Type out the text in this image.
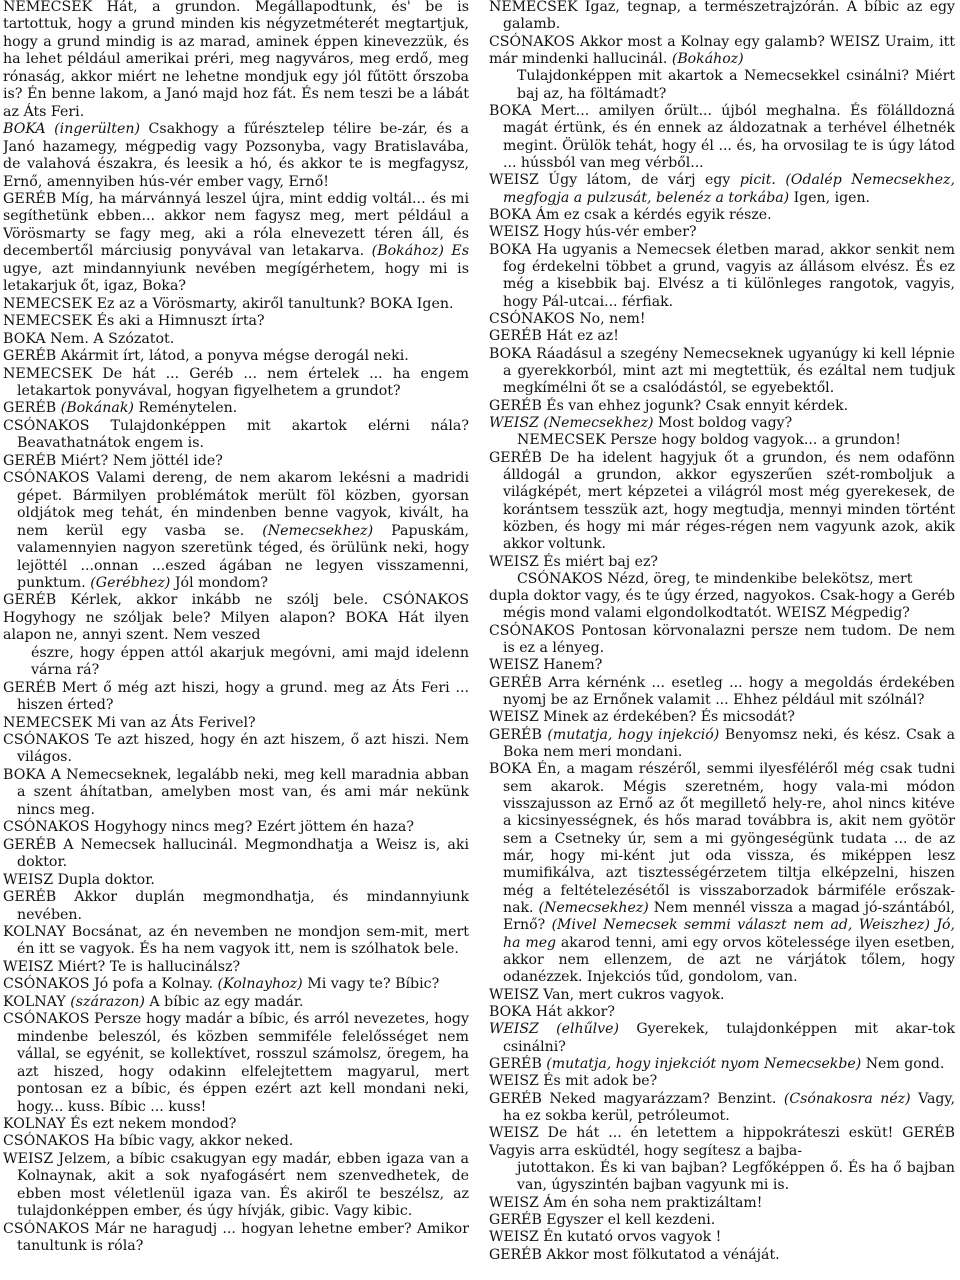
NEMECSEK Hát, a grundon. Megállapodtunk, és' be is tartottuk, hogy a grund minden kis négyzetméterét megtartjuk, hogy a grund mindig is az marad, aminek éppen kinevezzük, és ha lehet például amerikai préri, meg nagyváros, meg erdő, meg rónaság, akkor miért ne lehetne mondjuk egy jól fűtött őrszoba is? Én benne lakom, a Janó majd hoz fát. És nem teszi be a lábát az Áts Feri.

BOKA (ingerülten) Csakhogy a fűrésztelep télire be-zár, és a Janó hazamegy, mégpedig vagy Pozsonyba, vagy Bratislavába, de valahová északra, és leesik a hó, és akkor te is megfagysz, Ernő, amennyiben hús-vér ember vagy, Ernő!

GERÉB Míg, ha márvánnyá leszel újra, mint eddig voltál... és mi segíthetünk ebben... akkor nem fagysz meg, mert például a Vörösmarty se fagy meg, aki a róla elnevezett téren áll, és decembertől márciusig ponyvával van letakarva. (Bokához) Es ugye, azt mindannyiunk nevében megígérhetem, hogy mi is letakarjuk őt, igaz, Boka?

NEMECSEK Ez az a Vörösmarty, akiről tanultunk? BOKA Igen.

NEMECSEK És aki a Himnuszt írta?

BOKA Nem. A Szózatot.

GERÉB Akármit írt, látod, a ponyva mégse derogál neki.

NEMECSEK De hát ... Geréb ... nem értelek ... ha engem letakartok ponyvával, hogyan figyelhetem a grundot?

GERÉB (Bokának) Reménytelen.

CSÓNAKOS Tulajdonképpen mit akartok elérni nála? Beavathatnátok engem is.

GERÉB Miért? Nem jöttél ide?

CSÓNAKOS Valami dereng, de nem akarom lekésni a madridi gépet. Bármilyen problémátok merült föl közben, gyorsan oldjátok meg tehát, én mindenben benne vagyok, kivált, ha nem kerül egy vasba se. (Nemecsekhez) Papuskám, valamennyien nagyon szeretünk téged, és örülünk neki, hogy lejöttél ...onnan ...eszed ágában ne legyen visszamenni, punktum. (Gerébhez) Jól mondom?

GERÉB Kérlek, akkor inkább ne szólj bele. CSÓNAKOS Hogyhogy ne szóljak bele? Milyen alapon? BOKA Hát ilyen alapon ne, annyi szent. Nem veszed

észre, hogy éppen attól akarjuk megóvni, ami majd idelenn várna rá?

GERÉB Mert ő még azt hiszi, hogy a grund. meg az Áts Feri ... hiszen érted?

NEMECSEK Mi van az Áts Ferivel?

CSÓNAKOS Te azt hiszed, hogy én azt hiszem, ő azt hiszi. Nem világos.

BOKA A Nemecseknek, legalább neki, meg kell maradnia abban a szent áhítatban, amelyben most van, és ami már nekünk nincs meg.

CSÓNAKOS Hogyhogy nincs meg? Ezért jöttem én haza?

GERÉB A Nemecsek hallucinál. Megmondhatja a Weisz is, aki doktor.

WEISZ Dupla doktor.

GERÉB Akkor duplán megmondhatja, és mindannyiunk nevében.

KOLNAY Bocsánat, az én nevemben ne mondjon sem-mit, mert én itt se vagyok. És ha nem vagyok itt, nem is szólhatok bele.

WEISZ Miért? Te is hallucinálsz?

CSÓNAKOS Jó pofa a Kolnay. (Kolnayhoz) Mi vagy te? Bíbic?

KOLNAY (szárazon) A bíbic az egy madár.

CSÓNAKOS Persze hogy madár a bíbic, és arról nevezetes, hogy mindenbe beleszól, és közben semmiféle felelősséget nem vállal, se egyénit, se kollektívet, rosszul számolsz, öregem, ha azt hiszed, hogy odakinn elfelejtettem magyarul, mert pontosan ez a bíbic, és éppen ezért azt kell mondani neki, hogy... kuss. Bíbic ... kuss!

KOLNAY És ezt nekem mondod?

CSÓNAKOS Ha bíbic vagy, akkor neked.

WEISZ Jelzem, a bíbic csakugyan egy madár, ebben igaza van a Kolnaynak, akit a sok nyafogásért nem szenvedhetek, de ebben most véletlenül igaza van. És akiről te beszélsz, az tulajdonképpen ember, és úgy hívják, gibic. Vagy kibic.

CSÓNAKOS Már ne haragudj ... hogyan lehetne ember? Amikor tanultunk is róla?

NEMECSEK Igaz, tegnap, a természetrajzórán. A bíbic az egy galamb.

CSÓNAKOS Akkor most a Kolnay egy galamb? WEISZ Uraim, itt már mindenki hallucinál. (Bokához)

Tulajdonképpen mit akartok a Nemecsekkel csinálni? Miért baj az, ha föltámadt?

BOKA Mert... amilyen őrült... újból meghalna. És fölálldozná magát értünk, és én ennek az áldozatnak a terhével élhetnék megint. Örülök tehát, hogy él ... és, ha orvosilag te is úgy látod ... hússból van meg vérből...

WEISZ Úgy látom, de várj egy picit. (Odalép Nemecsekhez, megfogja a pulzusát, belenéz a torkába) Igen, igen.

BOKA Ám ez csak a kérdés egyik része.

WEISZ Hogy hús-vér ember?

BOKA Ha ugyanis a Nemecsek életben marad, akkor senkit nem fog érdekelni többet a grund, vagyis az állásom elvész. És ez még a kisebbik baj. Elvész a ti különleges rangotok, vagyis, hogy Pál-utcai... férfiak.

CSÓNAKOS No, nem!

GERÉB Hát ez az!

BOKA Ráadásul a szegény Nemecseknek ugyanúgy ki kell lépnie a gyerekkorból, mint azt mi megtettük, és ezáltal nem tudjuk megkímélni őt se a csalódástól, se egyebektől.

GERÉB És van ehhez jogunk? Csak ennyit kérdek.

WEISZ (Nemecsekhez) Most boldog vagy?

NEMECSEK Persze hogy boldog vagyok... a grundon!

GERÉB De ha idelent hagyjuk őt a grundon, és nem odafönn álldogál a grundon, akkor egyszerűen szét-romboljuk a világképét, mert képzetei a világról most még gyerekesek, de korántsem tesszük azt, hogy megtudja, mennyi minden történt közben, és hogy mi már réges-régen nem vagyunk azok, akik akkor voltunk.

WEISZ És miért baj ez?

CSÓNAKOS Nézd, öreg, te mindenkibe belekötsz, mert

dupla doktor vagy, és te úgy érzed, nagyokos. Csak-hogy a Geréb mégis mond valami elgondolkodtatót. WEISZ Mégpedig?

CSÓNAKOS Pontosan körvonalazni persze nem tudom. De nem is ez a lényeg.

WEISZ Hanem?

GERÉB Arra kérnénk ... esetleg ... hogy a megoldás érdekében nyomj be az Ernőnek valamit ... Ehhez például mit szólnál?

WEISZ Minek az érdekében? És micsodát?

GERÉB (mutatja, hogy injekció) Benyomsz neki, és kész. Csak a Boka nem meri mondani.

BOKA Én, a magam részéről, semmi ilyesféléről még csak tudni sem akarok. Mégis szeretném, hogy vala-mi módon visszajusson az Ernő az őt megillető hely-re, ahol nincs kitéve a kicsinyességnek, és hős marad továbbra is, akit nem gyötör sem a Csetneky úr, sem a mi gyöngeségünk tudata ... de az már, hogy mi-ként jut oda vissza, és miképpen lesz mumifikálva, azt tisztességérzetem tiltja elképzelni, hiszen még a feltételezésétől is visszaborzadok bármiféle erőszak-nak. (Nemecsekhez) Nem mennél vissza a magad jó-szántából, Ernő? (Mivel Nemecsek semmi választ nem ad, Weiszhez) Jó, ha meg akarod tenni, ami egy orvos kötelessége ilyen esetben, akkor nem ellenzem, de azt ne várjátok tőlem, hogy odanézzek. Injekciós tűd, gondolom, van.

WEISZ Van, mert cukros vagyok.

BOKA Hát akkor?

WEISZ (elhűlve) Gyerekek, tulajdonképpen mit akar-tok csinálni?

GERÉB (mutatja, hogy injekciót nyom Nemecsekbe) Nem gond.

WEISZ És mit adok be?

GERÉB Neked magyarázzam? Benzint. (Csónakosra néz) Vagy, ha ez sokba kerül, petróleumot.

WEISZ De hát ... én letettem a hippokráteszi esküt! GERÉB Vagyis arra esküdtél, hogy segítesz a bajba-

jutottakon. És ki van bajban? Legfőképpen ő. És ha ő bajban van, úgyszintén bajban vagyunk mi is.

WEISZ Ám én soha nem praktizáltam!

GERÉB Egyszer el kell kezdeni.

WEISZ Én kutató orvos vagyok !

GERÉB Akkor most fölkutatod a vénáját.
